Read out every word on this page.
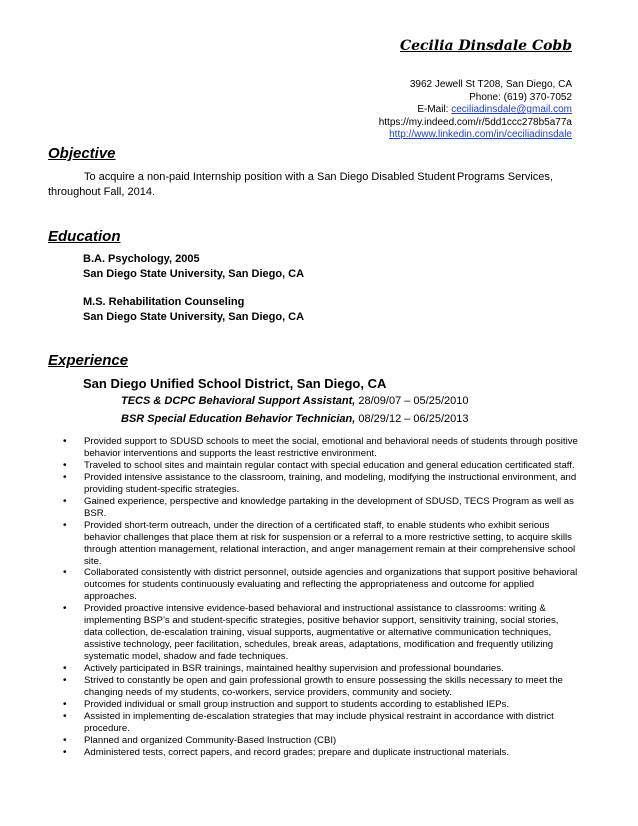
Cecilia Dinsdale Cobb
3962 Jewell St T208, San Diego, CA
Phone: (619) 370-7052
E-Mail: ceciliadinsdale@gmail.com
https://my.indeed.com/r/5dd1ccc278b5a77a
http://www.linkedin.com/in/ceciliadinsdale
Objective
To acquire a non-paid Internship position with a San Diego Disabled Student Programs Services,
throughout Fall, 2014.
Education
B.A. Psychology, 2005
San Diego State University, San Diego, CA
M.S. Rehabilitation Counseling
San Diego State University, San Diego, CA
Experience
San Diego Unified School District, San Diego, CA
TECS & DCPC Behavioral Support Assistant, 28/09/07 – 05/25/2010
BSR Special Education Behavior Technician, 08/29/12 – 06/25/2013
• Provided support to SDUSD schools to meet the social, emotional and behavioral needs of students through positive behavior interventions and supports the least restrictive environment.
• Traveled to school sites and maintain regular contact with special education and general education certificated staff.
• Provided intensive assistance to the classroom, training, and modeling, modifying the instructional environment, and providing student-specific strategies.
• Gained experience, perspective and knowledge partaking in the development of SDUSD, TECS Program as well as BSR.
• Provided short-term outreach, under the direction of a certificated staff, to enable students who exhibit serious behavior challenges that place them at risk for suspension or a referral to a more restrictive setting, to acquire skills through attention management, relational interaction, and anger management remain at their comprehensive school site.
• Collaborated consistently with district personnel, outside agencies and organizations that support positive behavioral outcomes for students continuously evaluating and reflecting the appropriateness and outcome for applied approaches.
• Provided proactive intensive evidence-based behavioral and instructional assistance to classrooms: writing & implementing BSP’s and student-specific strategies, positive behavior support, sensitivity training, social stories, data collection, de-escalation training, visual supports, augmentative or alternative communication techniques, assistive technology, peer facilitation, schedules, break areas, adaptations, modification and frequently utilizing systematic model, shadow and fade techniques.
• Actively participated in BSR trainings, maintained healthy supervision and professional boundaries.
• Strived to constantly be open and gain professional growth to ensure possessing the skills necessary to meet the changing needs of my students, co-workers, service providers, community and society.
• Provided individual or small group instruction and support to students according to established IEPs.
• Assisted in implementing de-escalation strategies that may include physical restraint in accordance with district procedure.
• Planned and organized Community-Based Instruction (CBI)
• Administered tests, correct papers, and record grades; prepare and duplicate instructional materials.
